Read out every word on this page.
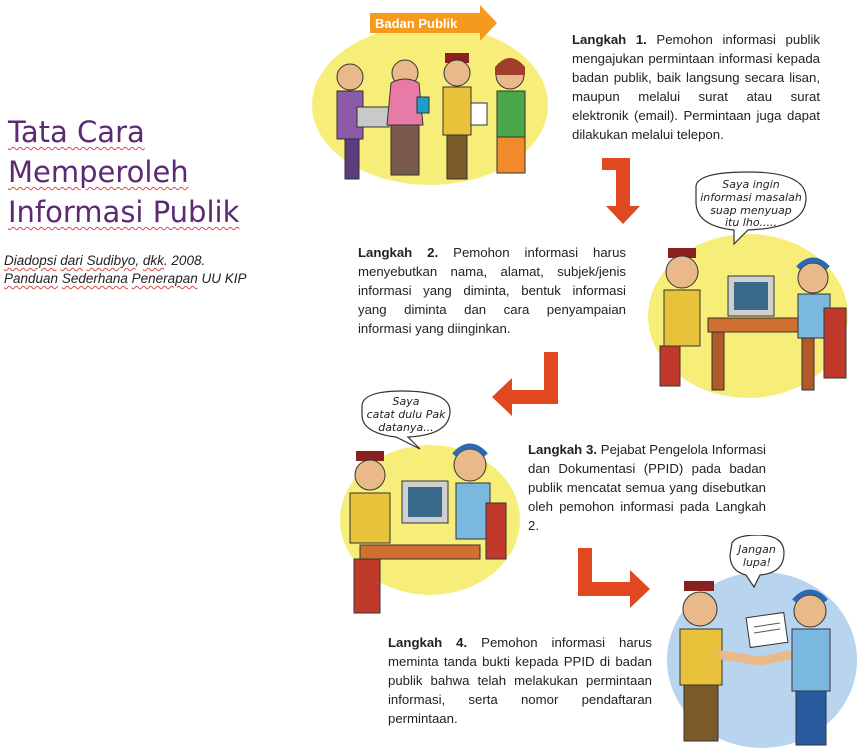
Tata Cara
Memperoleh
Informasi Publik
Diadopsi dari Sudibyo, dkk. 2008.
Panduan Sederhana Penerapan UU KIP
Badan Publik
Langkah 1. Pemohon informasi publik mengajukan permintaan informasi kepada badan publik, baik langsung secara lisan, maupun melalui surat atau surat elektronik (email). Permintaan juga dapat dilakukan melalui telepon.
Saya ingin
informasi masalah
suap menyuap
itu lho.....
Langkah 2. Pemohon informasi harus menyebutkan nama, alamat, subjek/jenis informasi yang diminta, bentuk informasi yang diminta dan cara penyampaian informasi yang diinginkan.
Saya
catat dulu Pak
datanya...
Langkah 3. Pejabat Pengelola Informasi dan Dokumentasi (PPID) pada badan publik mencatat semua yang disebutkan oleh pemohon informasi pada Langkah 2.
Jangan
lupa!
Langkah 4. Pemohon informasi harus meminta tanda bukti kepada PPID di badan publik bahwa telah melakukan permintaan informasi, serta nomor pendaftaran permintaan.
